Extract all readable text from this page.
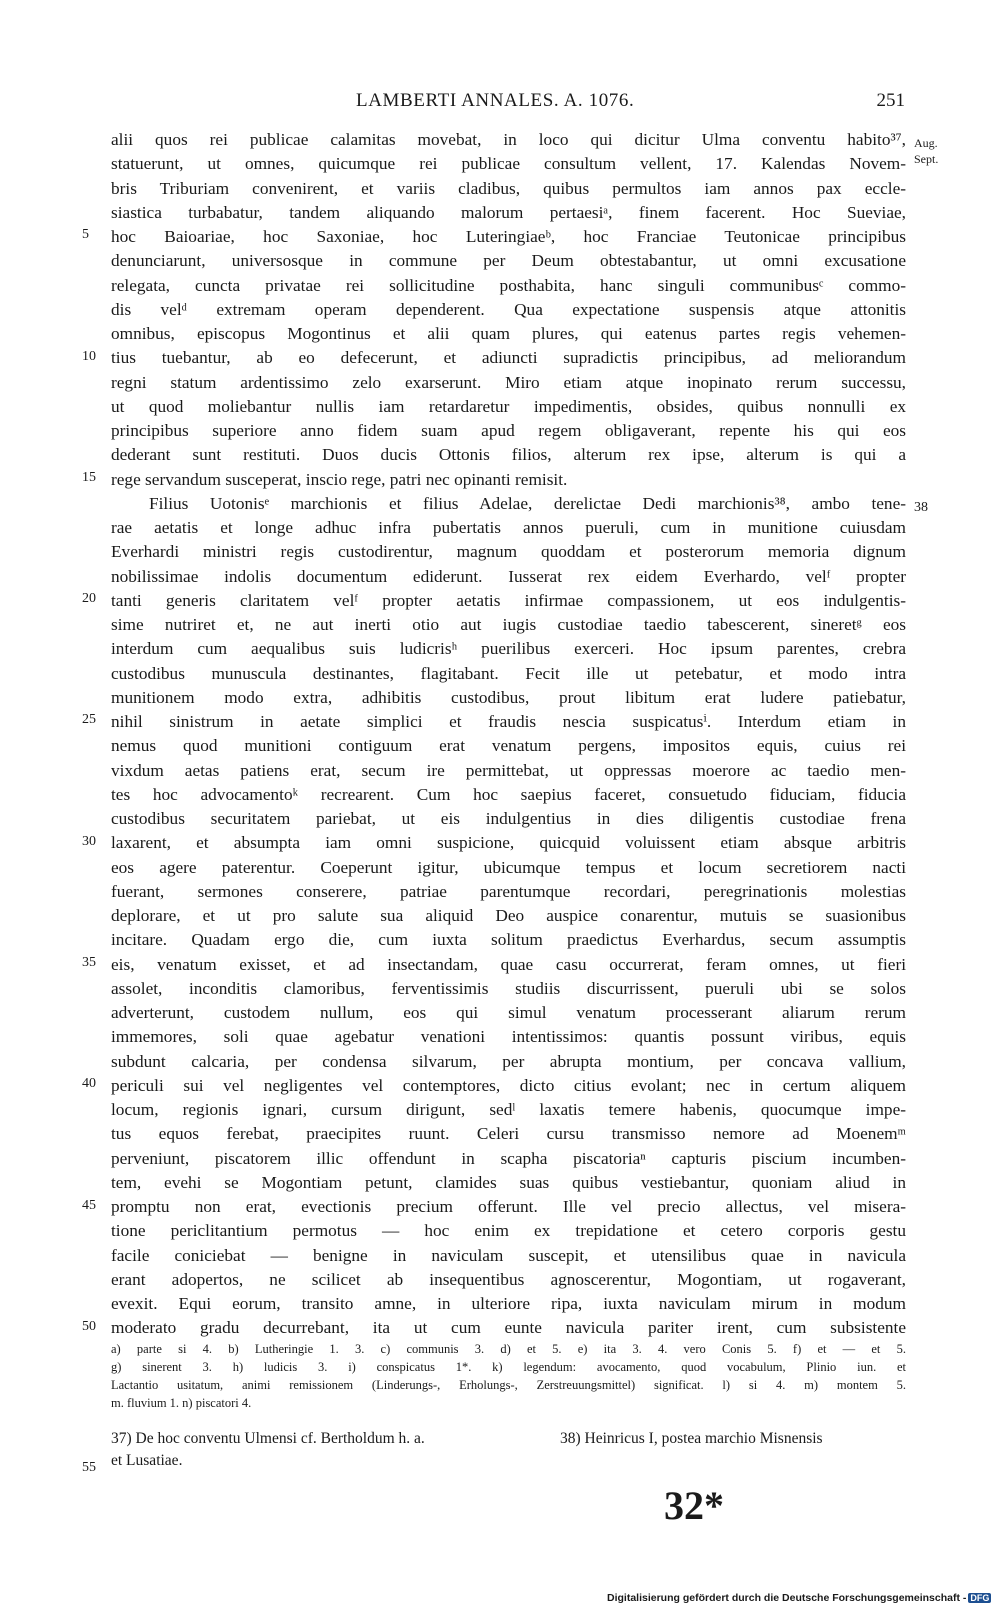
LAMBERTI ANNALES. A. 1076.	251
Aug.
Sept.
5
10
15
20
25
30
35
40
45
50
55
38
alii quos rei publicae calamitas movebat, in loco qui dicitur Ulma conventu habito³⁷,
statuerunt, ut omnes, quicumque rei publicae consultum vellent, 17. Kalendas Novem-
bris Triburiam convenirent, et variis cladibus, quibus permultos iam annos pax eccle-
siastica turbabatur, tandem aliquando malorum pertaesiᵃ, finem facerent. Hoc Sueviae,
hoc Baioariae, hoc Saxoniae, hoc Luteringiaeᵇ, hoc Franciae Teutonicae principibus
denunciarunt, universosque in commune per Deum obtestabantur, ut omni excusatione
relegata, cuncta privatae rei sollicitudine posthabita, hanc singuli communibusᶜ commo-
dis velᵈ extremam operam dependerent. Qua expectatione suspensis atque attonitis
omnibus, episcopus Mogontinus et alii quam plures, qui eatenus partes regis vehemen-
tius tuebantur, ab eo defecerunt, et adiuncti supradictis principibus, ad meliorandum
regni statum ardentissimo zelo exarserunt. Miro etiam atque inopinato rerum successu,
ut quod moliebantur nullis iam retardaretur impedimentis, obsides, quibus nonnulli ex
principibus superiore anno fidem suam apud regem obligaverant, repente his qui eos
dederant sunt restituti. Duos ducis Ottonis filios, alterum rex ipse, alterum is qui a
rege servandum susceperat, inscio rege, patri nec opinanti remisit.
Filius Uotonisᵉ marchionis et filius Adelae, derelictae Dedi marchionis³⁸, ambo tene-
rae aetatis et longe adhuc infra pubertatis annos pueruli, cum in munitione cuiusdam
Everhardi ministri regis custodirentur, magnum quoddam et posterorum memoria dignum
nobilissimae indolis documentum ediderunt. Iusserat rex eidem Everhardo, velᶠ propter
tanti generis claritatem velᶠ propter aetatis infirmae compassionem, ut eos indulgentis-
sime nutriret et, ne aut inerti otio aut iugis custodiae taedio tabescerent, sineretᵍ eos
interdum cum aequalibus suis ludicrisʰ puerilibus exerceri. Hoc ipsum parentes, crebra
custodibus munuscula destinantes, flagitabant. Fecit ille ut petebatur, et modo intra
munitionem modo extra, adhibitis custodibus, prout libitum erat ludere patiebatur,
nihil sinistrum in aetate simplici et fraudis nescia suspicatusⁱ. Interdum etiam in
nemus quod munitioni contiguum erat venatum pergens, impositos equis, cuius rei
vixdum aetas patiens erat, secum ire permittebat, ut oppressas moerore ac taedio men-
tes hoc advocamentoᵏ recrearent. Cum hoc saepius faceret, consuetudo fiduciam, fiducia
custodibus securitatem pariebat, ut eis indulgentius in dies diligentis custodiae frena
laxarent, et absumpta iam omni suspicione, quicquid voluissent etiam absque arbitris
eos agere paterentur. Coeperunt igitur, ubicumque tempus et locum secretiorem nacti
fuerant, sermones conserere, patriae parentumque recordari, peregrinationis molestias
deplorare, et ut pro salute sua aliquid Deo auspice conarentur, mutuis se suasionibus
incitare. Quadam ergo die, cum iuxta solitum praedictus Everhardus, secum assumptis
eis, venatum exisset, et ad insectandam, quae casu occurrerat, feram omnes, ut fieri
assolet, inconditis clamoribus, ferventissimis studiis discurrissent, pueruli ubi se solos
adverterunt, custodem nullum, eos qui simul venatum processerant aliarum rerum
immemores, soli quae agebatur venationi intentissimos: quantis possunt viribus, equis
subdunt calcaria, per condensa silvarum, per abrupta montium, per concava vallium,
periculi sui vel negligentes vel contemptores, dicto citius evolant; nec in certum aliquem
locum, regionis ignari, cursum dirigunt, sedˡ laxatis temere habenis, quocumque impe-
tus equos ferebat, praecipites ruunt. Celeri cursu transmisso nemore ad Moenemᵐ
perveniunt, piscatorem illic offendunt in scapha piscatoriaⁿ capturis piscium incumben-
tem, evehi se Mogontiam petunt, clamides suas quibus vestiebantur, quoniam aliud in
promptu non erat, evectionis precium offerunt. Ille vel precio allectus, vel misera-
tione periclitantium permotus — hoc enim ex trepidatione et cetero corporis gestu
facile coniciebat — benigne in naviculam suscepit, et utensilibus quae in navicula
erant adopertos, ne scilicet ab insequentibus agnoscerentur, Mogontiam, ut rogaverant,
evexit. Equi eorum, transito amne, in ulteriore ripa, iuxta naviculam mirum in modum
moderato gradu decurrebant, ita ut cum eunte navicula pariter irent, cum subsistente
a) parte si 4. b) Lutheringie 1. 3. c) communis 3. d) et 5. e) ita 3. 4. vero Conis 5. f) et — et 5.
g) sinerent 3. h) ludicis 3. i) conspicatus 1*. k) legendum: avocamento, quod vocabulum, Plinio iun. et
Lactantio usitatum, animi remissionem (Linderungs-, Erholungs-, Zerstreuungsmittel) significat. l) si 4. m) montem 5.
m. fluvium 1. n) piscatori 4.
37) De hoc conventu Ulmensi cf. Bertholdum h. a.	38) Heinricus I, postea marchio Misnensis
et Lusatiae.
32*
Digitalisierung gefördert durch die Deutsche Forschungsgemeinschaft - DFG
